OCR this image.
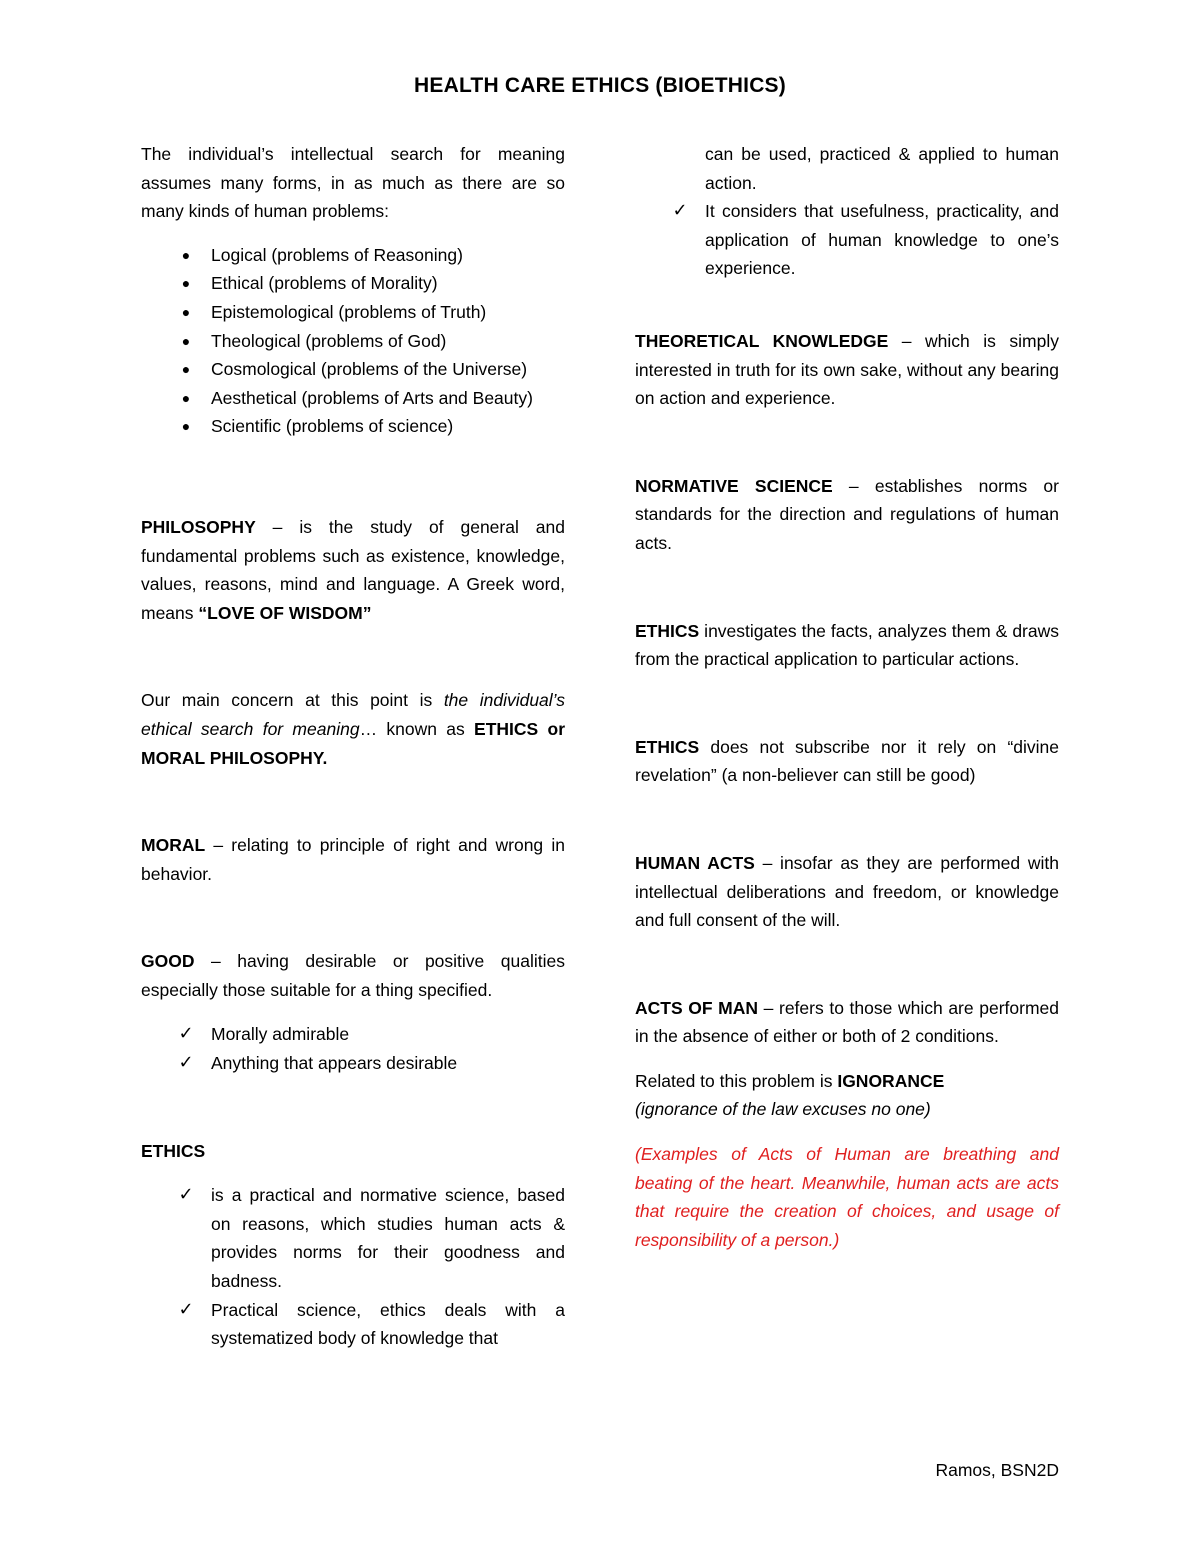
HEALTH CARE ETHICS (BIOETHICS)

The individual’s intellectual search for meaning assumes many forms, in as much as there are so many kinds of human problems:

●	Logical (problems of Reasoning)
●	Ethical (problems of Morality)
●	Epistemological (problems of Truth)
●	Theological (problems of God)
●	Cosmological (problems of the Universe)
●	Aesthetical (problems of Arts and Beauty)
●	Scientific (problems of science)

PHILOSOPHY – is the study of general and fundamental problems such as existence, knowledge, values, reasons, mind and language. A Greek word, means “LOVE OF WISDOM”

Our main concern at this point is the individual’s ethical search for meaning… known as ETHICS or MORAL PHILOSOPHY.

MORAL – relating to principle of right and wrong in behavior.

GOOD – having desirable or positive qualities especially those suitable for a thing specified.

✓ Morally admirable
✓ Anything that appears desirable

ETHICS

✓ is a practical and normative science, based on reasons, which studies human acts & provides norms for their goodness and badness.
✓ Practical science, ethics deals with a systematized body of knowledge that
can be used, practiced & applied to human action.
✓ It considers that usefulness, practicality, and application of human knowledge to one’s experience.

THEORETICAL KNOWLEDGE – which is simply interested in truth for its own sake, without any bearing on action and experience.

NORMATIVE SCIENCE – establishes norms or standards for the direction and regulations of human acts.

ETHICS investigates the facts, analyzes them & draws from the practical application to particular actions.

ETHICS does not subscribe nor it rely on “divine revelation” (a non-believer can still be good)

HUMAN ACTS – insofar as they are performed with intellectual deliberations and freedom, or knowledge and full consent of the will.

ACTS OF MAN – refers to those which are performed in the absence of either or both of 2 conditions.

Related to this problem is IGNORANCE
(ignorance of the law excuses no one)

(Examples of Acts of Human are breathing and beating of the heart. Meanwhile, human acts are acts that require the creation of choices, and usage of responsibility of a person.)

Ramos, BSN2D
